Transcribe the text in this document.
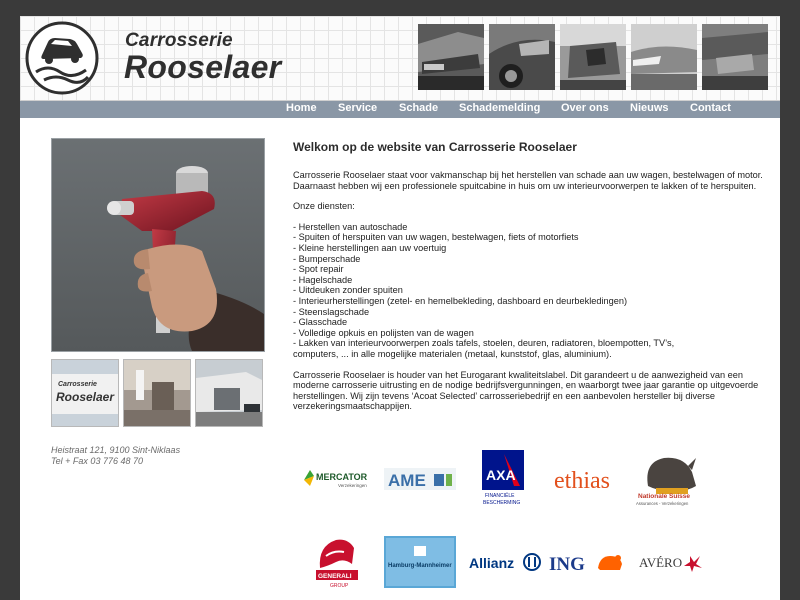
Carrosserie
Rooselaer
Home Service Schade Schademelding Over ons Nieuws Contact
Carrosserie
Rooselaer
Heistraat 121, 9100 Sint-Niklaas
Tel + Fax 03 776 48 70
Welkom op de website van Carrosserie Rooselaer

Carrosserie Rooselaer staat voor vakmanschap bij het herstellen van schade aan uw wagen, bestelwagen of motor. Daarnaast hebben wij een professionele spuitcabine in huis om uw interieurvoorwerpen te lakken of te herspuiten.

Onze diensten:

- Herstellen van autoschade
- Spuiten of herspuiten van uw wagen, bestelwagen, fiets of motorfiets
- Kleine herstellingen aan uw voertuig
- Bumperschade
- Spot repair
- Hagelschade
- Uitdeuken zonder spuiten
- Interieurherstellingen (zetel- en hemelbekleding, dashboard en deurbekledingen)
- Steenslagschade
- Glasschade
- Volledige opkuis en polijsten van de wagen
- Lakken van interieurvoorwerpen zoals tafels, stoelen, deuren, radiatoren, bloempotten, TV’s,
computers, ... in alle mogelijke materialen (metaal, kunststof, glas, aluminium).

Carrosserie Rooselaer is houder van het Eurogarant kwaliteitslabel. Dit garandeert u de aanwezigheid van een moderne carrosserie uitrusting en de nodige bedrijfsvergunningen, en waarborgt twee jaar garantie op uitgevoerde herstellingen. Wij zijn tevens ‘Acoat Selected’ carrosseriebedrijf en een aanbevolen hersteller bij diverse verzekeringsmaatschappijen.

MERCATOR
Verzekeringen AME	AXA
FINANCIËLE
BESCHERMING
ethias
Nationale Suisse
Assurances - Verzekeringen
GENERALI
GROUP
Hamburg-Mannheimer Allianz ING	AVÉRO
